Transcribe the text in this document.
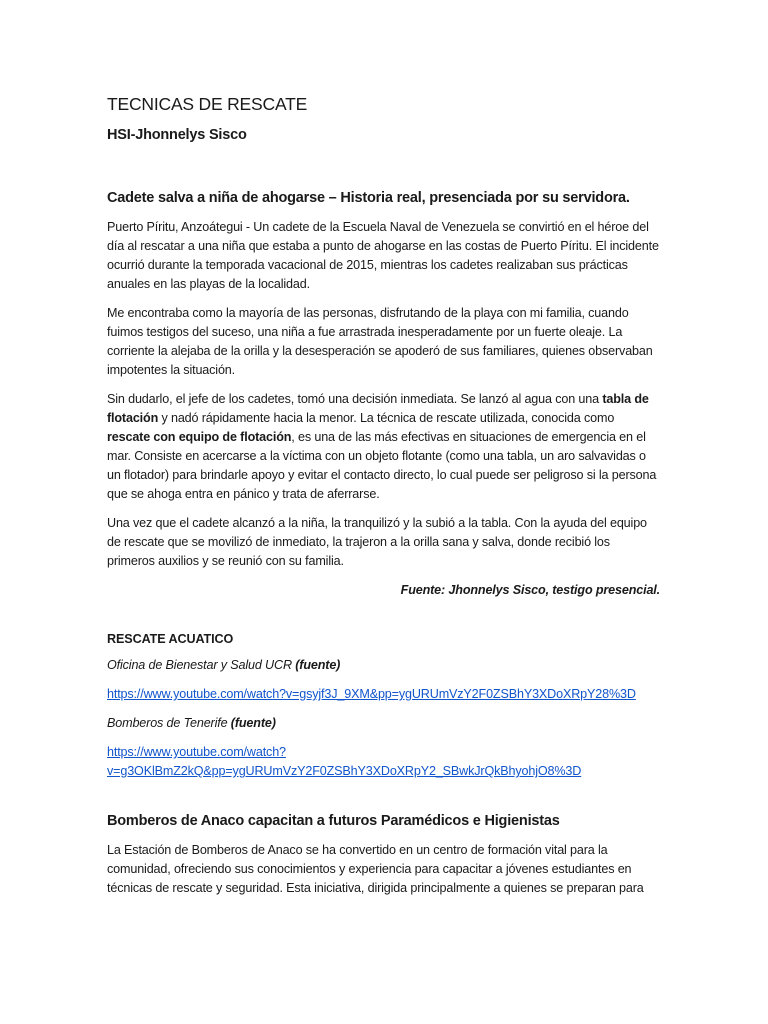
TECNICAS DE RESCATE
HSI-Jhonnelys Sisco
Cadete salva a niña de ahogarse – Historia real, presenciada por su servidora.

Puerto Píritu, Anzoátegui - Un cadete de la Escuela Naval de Venezuela se convirtió en el héroe del día al rescatar a una niña que estaba a punto de ahogarse en las costas de Puerto Píritu. El incidente ocurrió durante la temporada vacacional de 2015, mientras los cadetes realizaban sus prácticas anuales en las playas de la localidad.

Me encontraba como la mayoría de las personas, disfrutando de la playa con mi familia, cuando fuimos testigos del suceso, una niña a fue arrastrada inesperadamente por un fuerte oleaje. La corriente la alejaba de la orilla y la desesperación se apoderó de sus familiares, quienes observaban impotentes la situación.

Sin dudarlo, el jefe de los cadetes, tomó una decisión inmediata. Se lanzó al agua con una tabla de flotación y nadó rápidamente hacia la menor. La técnica de rescate utilizada, conocida como rescate con equipo de flotación, es una de las más efectivas en situaciones de emergencia en el mar. Consiste en acercarse a la víctima con un objeto flotante (como una tabla, un aro salvavidas o un flotador) para brindarle apoyo y evitar el contacto directo, lo cual puede ser peligroso si la persona que se ahoga entra en pánico y trata de aferrarse.

Una vez que el cadete alcanzó a la niña, la tranquilizó y la subió a la tabla. Con la ayuda del equipo de rescate que se movilizó de inmediato, la trajeron a la orilla sana y salva, donde recibió los primeros auxilios y se reunió con su familia.

Fuente: Jhonnelys Sisco, testigo presencial.

RESCATE ACUATICO

Oficina de Bienestar y Salud UCR (fuente)

https://www.youtube.com/watch?v=gsyjf3J_9XM&pp=ygURUmVzY2F0ZSBhY3XDoXRpY28%3D

Bomberos de Tenerife (fuente)

https://www.youtube.com/watch?
v=g3OKlBmZ2kQ&pp=ygURUmVzY2F0ZSBhY3XDoXRpY2_SBwkJrQkBhyohjO8%3D

Bomberos de Anaco capacitan a futuros Paramédicos e Higienistas

La Estación de Bomberos de Anaco se ha convertido en un centro de formación vital para la comunidad, ofreciendo sus conocimientos y experiencia para capacitar a jóvenes estudiantes en técnicas de rescate y seguridad. Esta iniciativa, dirigida principalmente a quienes se preparan para
